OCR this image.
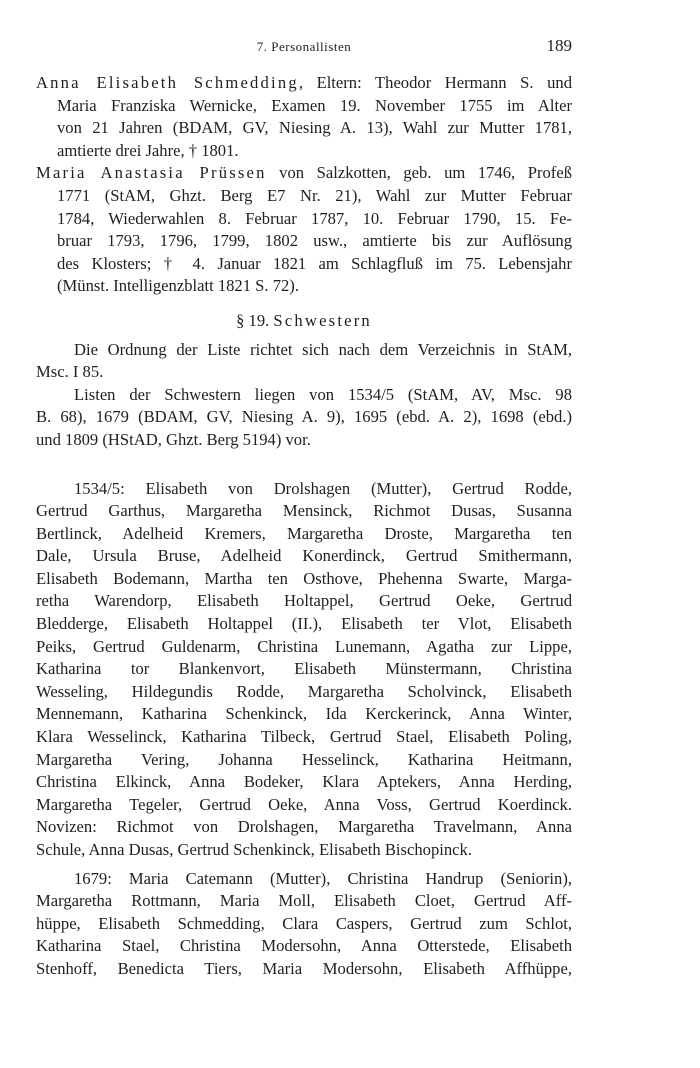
7. Personallisten	189
Anna Elisabeth Schmedding, Eltern: Theodor Hermann S. und
Maria Franziska Wernicke, Examen 19. November 1755 im Alter
von 21 Jahren (BDAM, GV, Niesing A. 13), Wahl zur Mutter 1781,
amtierte drei Jahre, † 1801.
Maria Anastasia Prüssen von Salzkotten, geb. um 1746, Profeß
1771 (StAM, Ghzt. Berg E7 Nr. 21), Wahl zur Mutter Februar
1784, Wiederwahlen 8. Februar 1787, 10. Februar 1790, 15. Fe-
bruar 1793, 1796, 1799, 1802 usw., amtierte bis zur Auflösung
des Klosters; † 4. Januar 1821 am Schlagfluß im 75. Lebensjahr
(Münst. Intelligenzblatt 1821 S. 72).
§ 19. Schwestern
Die Ordnung der Liste richtet sich nach dem Verzeichnis in StAM,
Msc. I 85.
Listen der Schwestern liegen von 1534/5 (StAM, AV, Msc. 98
B. 68), 1679 (BDAM, GV, Niesing A. 9), 1695 (ebd. A. 2), 1698 (ebd.)
und 1809 (HStAD, Ghzt. Berg 5194) vor.
1534/5: Elisabeth von Drolshagen (Mutter), Gertrud Rodde,
Gertrud Garthus, Margaretha Mensinck, Richmot Dusas, Susanna
Bertlinck, Adelheid Kremers, Margaretha Droste, Margaretha ten
Dale, Ursula Bruse, Adelheid Konerdinck, Gertrud Smithermann,
Elisabeth Bodemann, Martha ten Osthove, Phehenna Swarte, Marga-
retha Warendorp, Elisabeth Holtappel, Gertrud Oeke, Gertrud
Bledderge, Elisabeth Holtappel (II.), Elisabeth ter Vlot, Elisabeth
Peiks, Gertrud Guldenarm, Christina Lunemann, Agatha zur Lippe,
Katharina tor Blankenvort, Elisabeth Münstermann, Christina
Wesseling, Hildegundis Rodde, Margaretha Scholvinck, Elisabeth
Mennemann, Katharina Schenkinck, Ida Kerckerinck, Anna Winter,
Klara Wesselinck, Katharina Tilbeck, Gertrud Stael, Elisabeth Poling,
Margaretha Vering, Johanna Hesselinck, Katharina Heitmann,
Christina Elkinck, Anna Bodeker, Klara Aptekers, Anna Herding,
Margaretha Tegeler, Gertrud Oeke, Anna Voss, Gertrud Koerdinck.
Novizen: Richmot von Drolshagen, Margaretha Travelmann, Anna
Schule, Anna Dusas, Gertrud Schenkinck, Elisabeth Bischopinck.
1679: Maria Catemann (Mutter), Christina Handrup (Seniorin),
Margaretha Rottmann, Maria Moll, Elisabeth Cloet, Gertrud Aff-
hüppe, Elisabeth Schmedding, Clara Caspers, Gertrud zum Schlot,
Katharina Stael, Christina Modersohn, Anna Otterstede, Elisabeth
Stenhoff, Benedicta Tiers, Maria Modersohn, Elisabeth Affhüppe,
